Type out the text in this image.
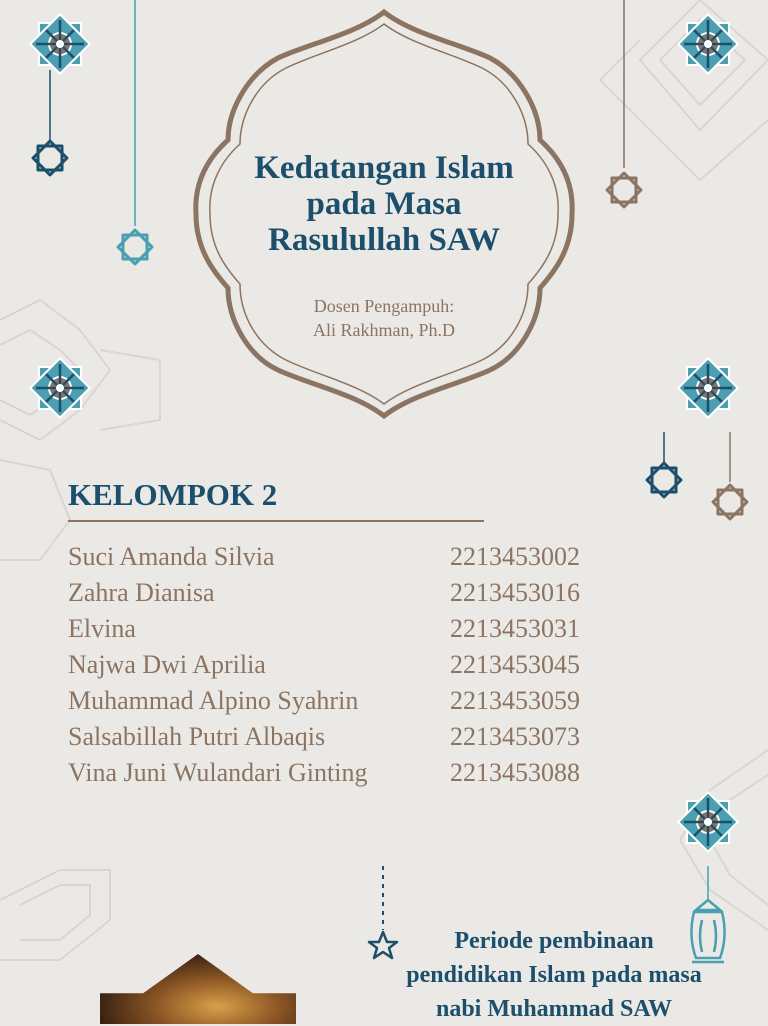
Kedatangan Islam
pada Masa
Rasulullah SAW
Dosen Pengampuh:
Ali Rakhman, Ph.D
KELOMPOK 2
Suci Amanda Silvia	2213453002
Zahra Dianisa	2213453016
Elvina	2213453031
Najwa Dwi Aprilia	2213453045
Muhammad Alpino Syahrin	2213453059
Salsabillah Putri Albaqis	2213453073
Vina Juni Wulandari Ginting	2213453088
Periode pembinaan
pendidikan Islam pada masa
nabi Muhammad SAW
